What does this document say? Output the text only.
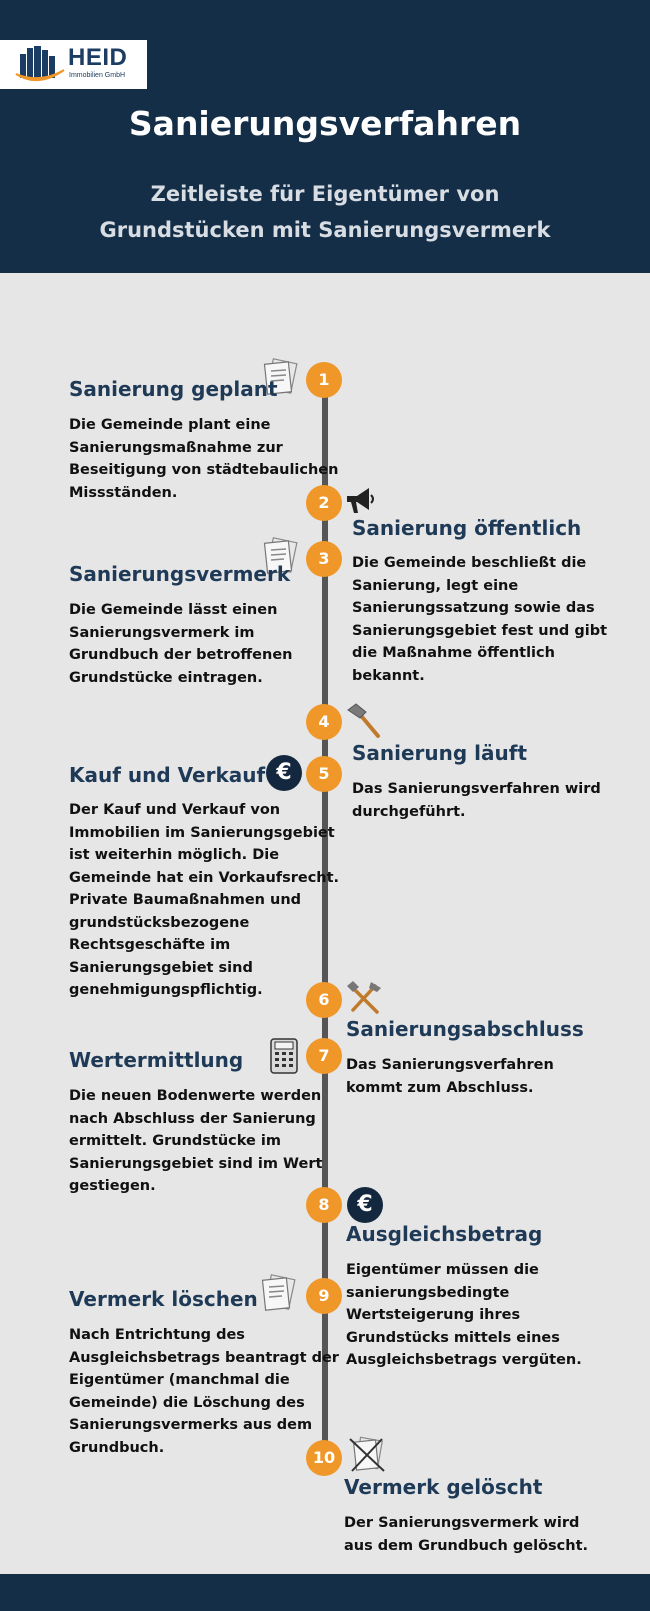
HEID
Immobilien GmbH
Sanierungsverfahren
Zeitleiste für Eigentümer von
Grundstücken mit Sanierungsvermerk
1
Sanierung geplant
Die Gemeinde plant eine
Sanierungsmaßnahme zur
Beseitigung von städtebaulichen
Missständen.
2
Sanierung öffentlich
Die Gemeinde beschließt die
Sanierung, legt eine
Sanierungssatzung sowie das
Sanierungsgebiet fest und gibt
die Maßnahme öffentlich
bekannt.
3
Sanierungsvermerk
Die Gemeinde lässt einen
Sanierungsvermerk im
Grundbuch der betroffenen
Grundstücke eintragen.
4
Sanierung läuft
Das Sanierungsverfahren wird
durchgeführt.
5
€
Kauf und Verkauf
Der Kauf und Verkauf von
Immobilien im Sanierungsgebiet
ist weiterhin möglich. Die
Gemeinde hat ein Vorkaufsrecht.
Private Baumaßnahmen und
grundstücksbezogene
Rechtsgeschäfte im
Sanierungsgebiet sind
genehmigungspflichtig.	6
Sanierungsabschluss
Das Sanierungsverfahren
kommt zum Abschluss.
7
Wertermittlung
Die neuen Bodenwerte werden
nach Abschluss der Sanierung
ermittelt. Grundstücke im
Sanierungsgebiet sind im Wert
gestiegen.
8	€
Ausgleichsbetrag
Eigentümer müssen die
sanierungsbedingte
Wertsteigerung ihres
Grundstücks mittels eines
Ausgleichsbetrags vergüten.
9
Vermerk löschen
Nach Entrichtung des
Ausgleichsbetrags beantragt der
Eigentümer (manchmal die
Gemeinde) die Löschung des
Sanierungsvermerks aus dem
Grundbuch.
10
Vermerk gelöscht
Der Sanierungsvermerk wird
aus dem Grundbuch gelöscht.
